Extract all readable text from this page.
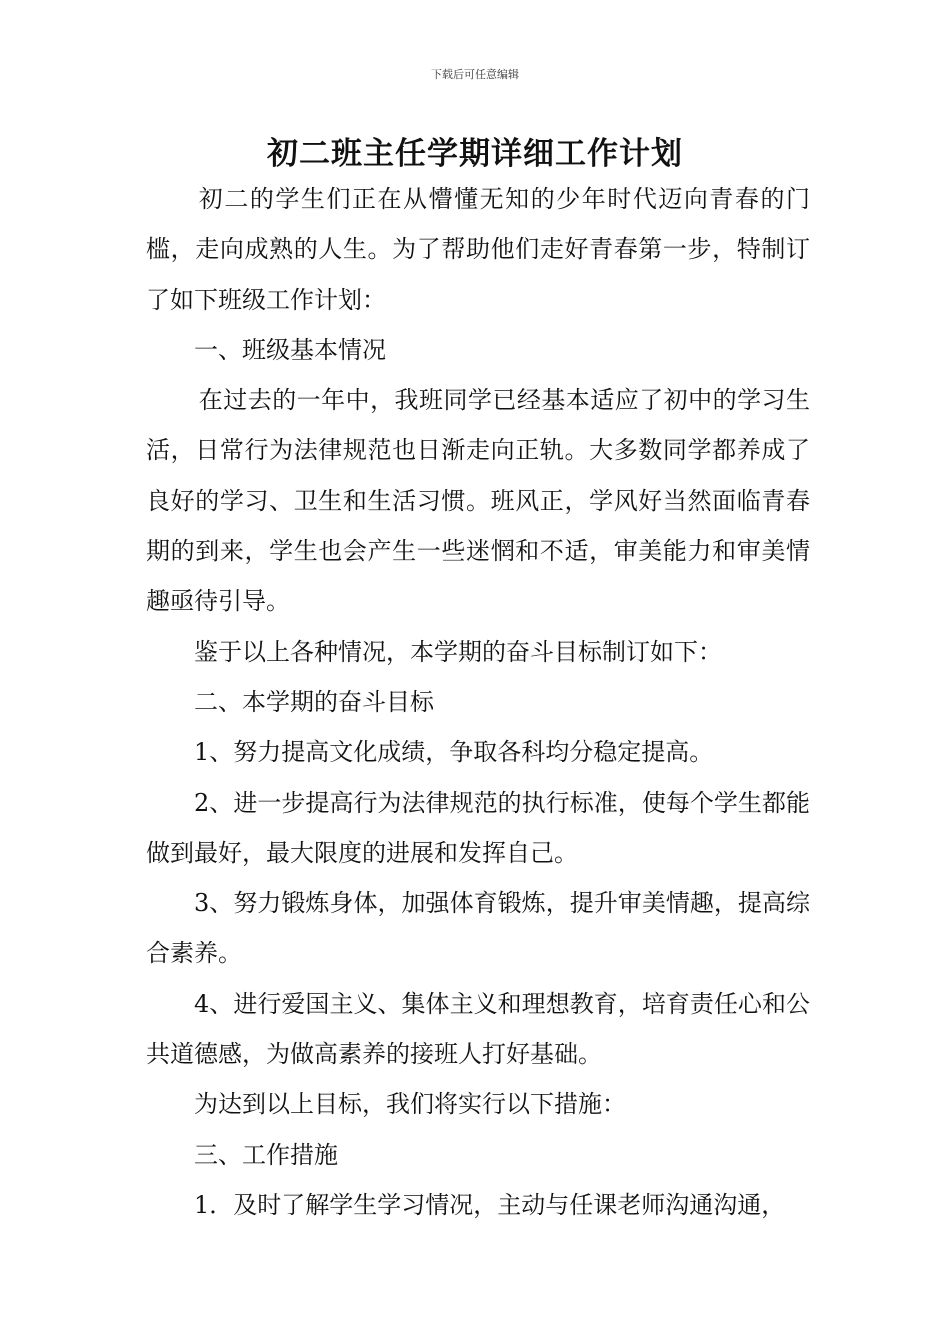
下载后可任意编辑
初二班主任学期详细工作计划

初二的学生们正在从懵懂无知的少年时代迈向青春的门槛，走向成熟的人生。为了帮助他们走好青春第一步，特制订了如下班级工作计划：

一、班级基本情况

在过去的一年中，我班同学已经基本适应了初中的学习生活，日常行为法律规范也日渐走向正轨。大多数同学都养成了良好的学习、卫生和生活习惯。班风正，学风好当然面临青春期的到来，学生也会产生一些迷惘和不适，审美能力和审美情趣亟待引导。

鉴于以上各种情况，本学期的奋斗目标制订如下：

二、本学期的奋斗目标

1、努力提高文化成绩，争取各科均分稳定提高。

2、进一步提高行为法律规范的执行标准，使每个学生都能做到最好，最大限度的进展和发挥自己。

3、努力锻炼身体，加强体育锻炼，提升审美情趣，提高综合素养。

4、进行爱国主义、集体主义和理想教育，培育责任心和公共道德感，为做高素养的接班人打好基础。

为达到以上目标，我们将实行以下措施：

三、工作措施

1．及时了解学生学习情况，主动与任课老师沟通沟通，
